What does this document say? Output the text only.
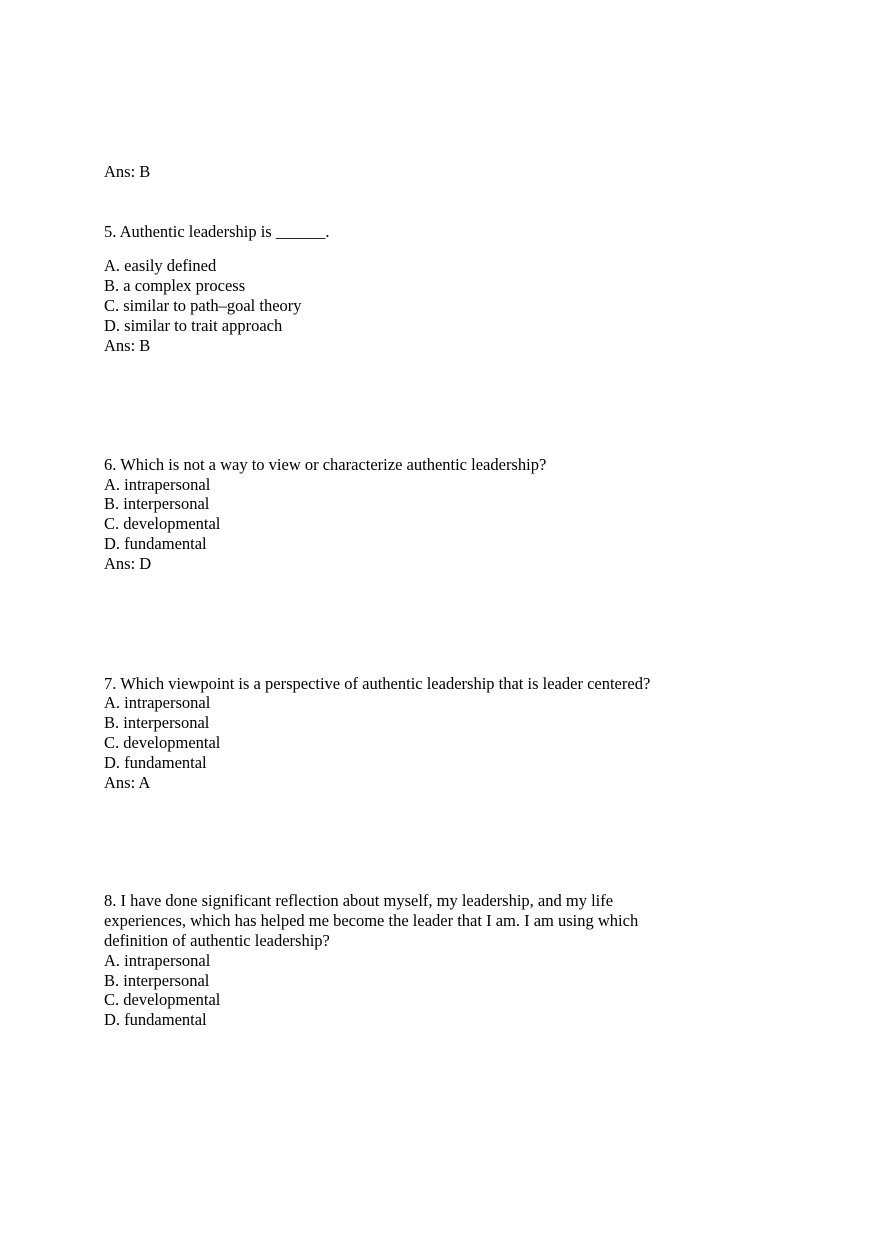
Ans: B
5. Authentic leadership is ______.
A. easily defined
B. a complex process
C. similar to path–goal theory
D. similar to trait approach
Ans: B
6. Which is not a way to view or characterize authentic leadership?
A. intrapersonal
B. interpersonal
C. developmental
D. fundamental
Ans: D
7. Which viewpoint is a perspective of authentic leadership that is leader centered?
A. intrapersonal
B. interpersonal
C. developmental
D. fundamental
Ans: A
8. I have done significant reflection about myself, my leadership, and my life
experiences, which has helped me become the leader that I am. I am using which
definition of authentic leadership?
A. intrapersonal
B. interpersonal
C. developmental
D. fundamental
